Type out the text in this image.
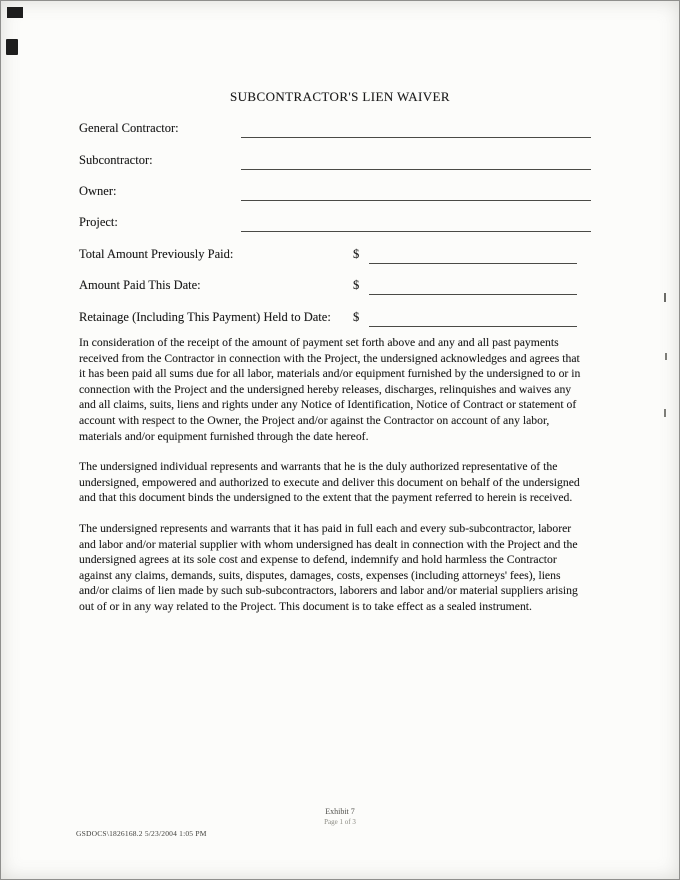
SUBCONTRACTOR'S LIEN WAIVER
General Contractor:
Subcontractor:
Owner:
Project:
Total Amount Previously Paid:	$
Amount Paid This Date:	$
Retainage (Including This Payment) Held to Date: $

In consideration of the receipt of the amount of payment set forth above and any and all past payments received from the Contractor in connection with the Project, the undersigned acknowledges and agrees that it has been paid all sums due for all labor, materials and/or equipment furnished by the undersigned to or in connection with the Project and the undersigned hereby releases, discharges, relinquishes and waives any and all claims, suits, liens and rights under any Notice of Identification, Notice of Contract or statement of account with respect to the Owner, the Project and/or against the Contractor on account of any labor, materials and/or equipment furnished through the date hereof.

The undersigned individual represents and warrants that he is the duly authorized representative of the undersigned, empowered and authorized to execute and deliver this document on behalf of the undersigned and that this document binds the undersigned to the extent that the payment referred to herein is received.

The undersigned represents and warrants that it has paid in full each and every sub-subcontractor, laborer and labor and/or material supplier with whom undersigned has dealt in connection with the Project and the undersigned agrees at its sole cost and expense to defend, indemnify and hold harmless the Contractor against any claims, demands, suits, disputes, damages, costs, expenses (including attorneys' fees), liens and/or claims of lien made by such sub-subcontractors, laborers and labor and/or material suppliers arising out of or in any way related to the Project. This document is to take effect as a sealed instrument.

Exhibit 7
Page 1 of 3
GSDOCS\1826168.2 5/23/2004 1:05 PM
